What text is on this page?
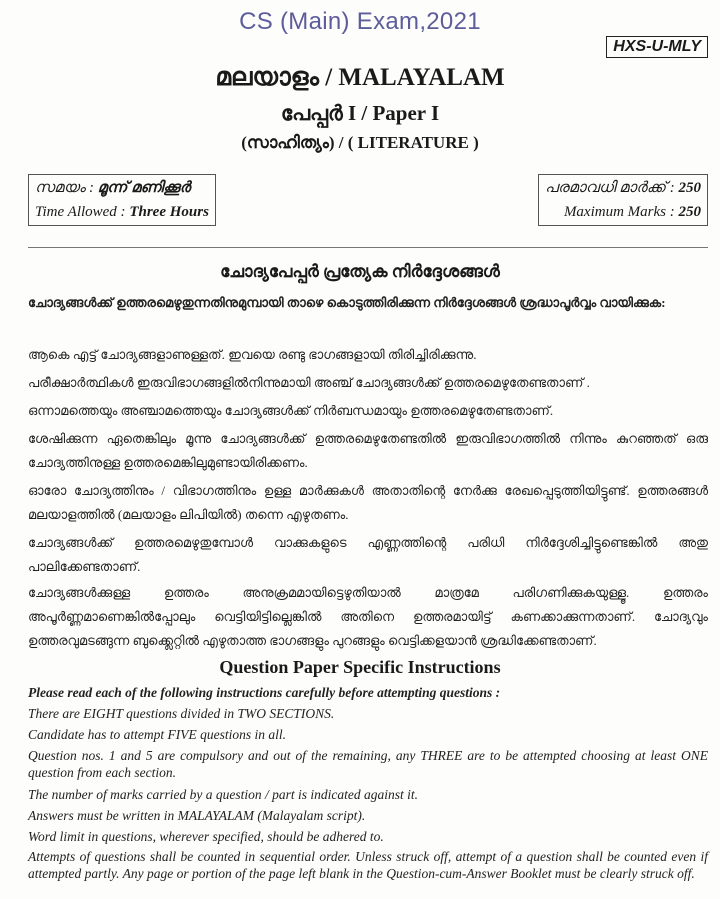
CS (Main) Exam,2021
HXS-U-MLY
മലയാളം / MALAYALAM
പേപ്പർ I / Paper I
(സാഹിത്യം) / ( LITERATURE )
സമയം : മൂന്ന് മണിക്കൂർ
Time Allowed : Three Hours
പരമാവധി മാർക്ക് : 250
Maximum Marks : 250
ചോദ്യപേപ്പർ പ്രത്യേക നിർദ്ദേശങ്ങൾ
ചോദ്യങ്ങൾക്ക് ഉത്തരമെഴുതുന്നതിനുമുമ്പായി താഴെ കൊടുത്തിരിക്കുന്ന നിർദ്ദേശങ്ങൾ ശ്രദ്ധാപൂർവ്വം വായിക്കുക:
ആകെ എട്ട് ചോദ്യങ്ങളാണുള്ളത്. ഇവയെ രണ്ടു ഭാഗങ്ങളായി തിരിച്ചിരിക്കുന്നു.
പരീക്ഷാർത്ഥികൾ ഇരുവിഭാഗങ്ങളിൽനിന്നുമായി അഞ്ച് ചോദ്യങ്ങൾക്ക് ഉത്തരമെഴുതേണ്ടതാണ് .
ഒന്നാമത്തെയും അഞ്ചാമത്തെയും ചോദ്യങ്ങൾക്ക് നിർബന്ധമായും ഉത്തരമെഴുതേണ്ടതാണ്.
ശേഷിക്കുന്ന ഏതെങ്കിലും മൂന്നു ചോദ്യങ്ങൾക്ക് ഉത്തരമെഴുതേണ്ടതിൽ ഇരുവിഭാഗത്തിൽ നിന്നും കുറഞ്ഞത് ഒരു ചോദ്യത്തിനുള്ള ഉത്തരമെങ്കിലുമുണ്ടായിരിക്കണം.
ഓരോ ചോദ്യത്തിനും / വിഭാഗത്തിനും ഉള്ള മാർക്കുകൾ അതാതിന്റെ നേർക്കു രേഖപ്പെടുത്തിയിട്ടുണ്ട്. ഉത്തരങ്ങൾ മലയാളത്തിൽ (മലയാളം ലിപിയിൽ) തന്നെ എഴുതണം.
ചോദ്യങ്ങൾക്ക് ഉത്തരമെഴുതുമ്പോൾ വാക്കുകളുടെ എണ്ണത്തിന്റെ പരിധി നിർദ്ദേശിച്ചിട്ടുണ്ടെങ്കിൽ അതു പാലിക്കേണ്ടതാണ്.
ചോദ്യങ്ങൾക്കുള്ള ഉത്തരം അനുക്രമമായിട്ടെഴുതിയാൽ മാത്രമേ പരിഗണിക്കുകയുള്ളൂ. ഉത്തരം അപൂർണ്ണമാണെങ്കിൽപ്പോലും വെട്ടിയിട്ടില്ലെങ്കിൽ അതിനെ ഉത്തരമായിട്ട് കണക്കാക്കുന്നതാണ്. ചോദ്യവും ഉത്തരവുമടങ്ങുന്ന ബുക്ക്ലെറ്റിൽ എഴുതാത്ത ഭാഗങ്ങളും പുറങ്ങളും വെട്ടിക്കളയാൻ ശ്രദ്ധിക്കേണ്ടതാണ്.
Question Paper Specific Instructions
Please read each of the following instructions carefully before attempting questions :
There are EIGHT questions divided in TWO SECTIONS.
Candidate has to attempt FIVE questions in all.
Question nos. 1 and 5 are compulsory and out of the remaining, any THREE are to be attempted choosing at least ONE question from each section.
The number of marks carried by a question / part is indicated against it.
Answers must be written in MALAYALAM (Malayalam script).
Word limit in questions, wherever specified, should be adhered to.
Attempts of questions shall be counted in sequential order. Unless struck off, attempt of a question shall be counted even if attempted partly. Any page or portion of the page left blank in the Question-cum-Answer Booklet must be clearly struck off.
